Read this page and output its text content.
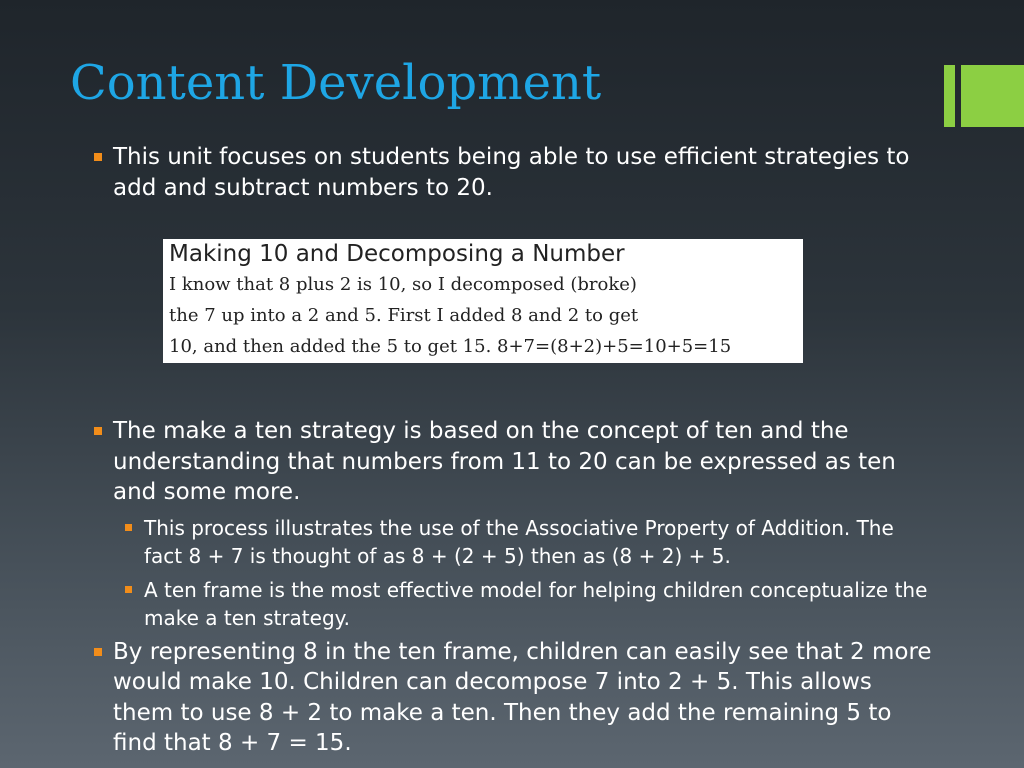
Content Development
This unit focuses on students being able to use efficient strategies to add and subtract numbers to 20.
The make a ten strategy is based on the concept of ten and the understanding that numbers from 11 to 20 can be expressed as ten and some more.
This process illustrates the use of the Associative Property of Addition. The fact 8 + 7 is thought of as 8 + (2 + 5) then as (8 + 2) + 5.
A ten frame is the most effective model for helping children conceptualize the make a ten strategy.
By representing 8 in the ten frame, children can easily see that 2 more would make 10. Children can decompose 7 into 2 + 5. This allows them to use 8 + 2 to make a ten. Then they add the remaining 5 to find that 8 + 7 = 15.
Making 10 and Decomposing a Number
I know that 8 plus 2 is 10, so I decomposed (broke)
the 7 up into a 2 and 5. First I added 8 and 2 to get
10, and then added the 5 to get 15. 8+7=(8+2)+5=10+5=15
